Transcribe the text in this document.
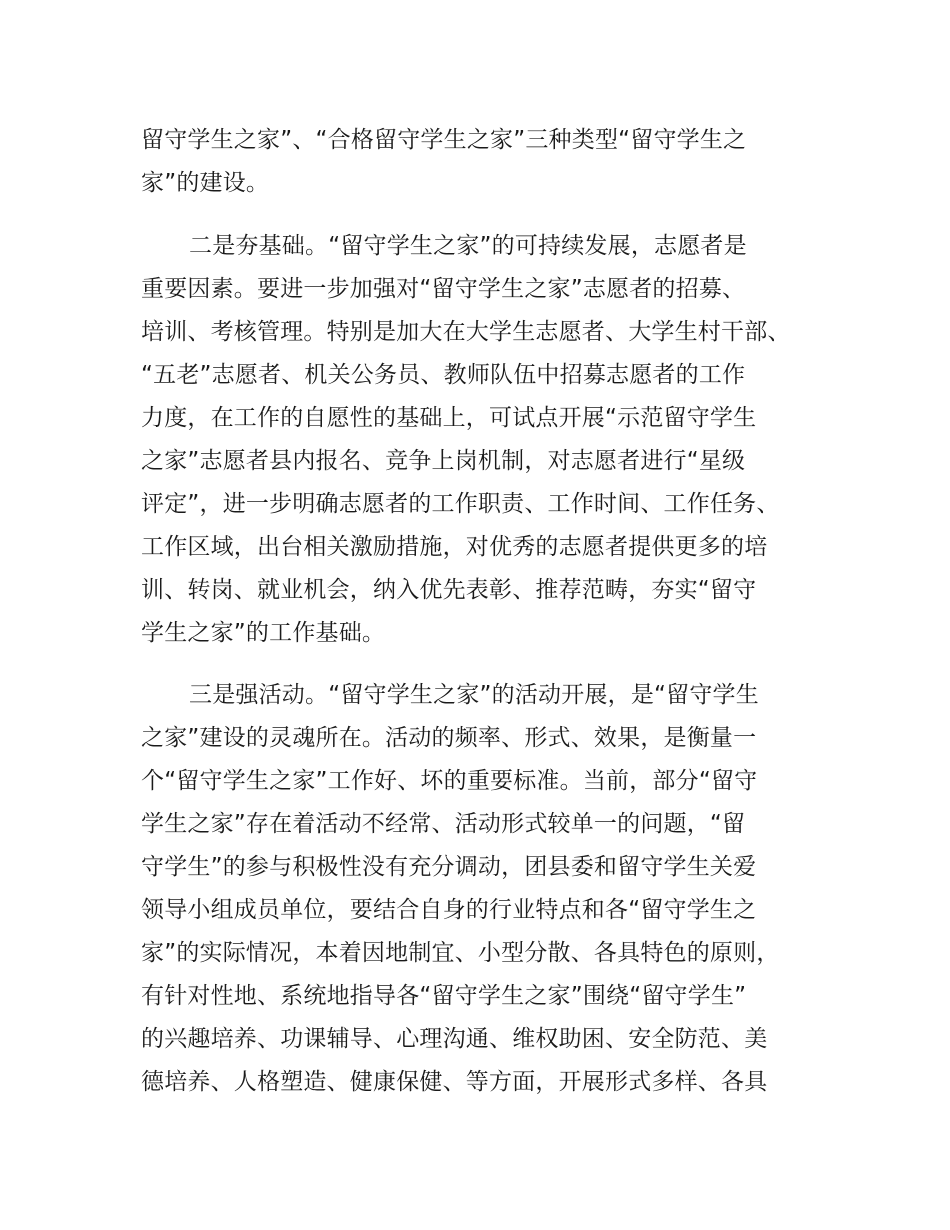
留守学生之家”、“合格留守学生之家”三种类型“留守学生之
家”的建设。
二是夯基础。“留守学生之家”的可持续发展，志愿者是
重要因素。要进一步加强对“留守学生之家”志愿者的招募、
培训、考核管理。特别是加大在大学生志愿者、大学生村干部、
“五老”志愿者、机关公务员、教师队伍中招募志愿者的工作
力度，在工作的自愿性的基础上，可试点开展“示范留守学生
之家”志愿者县内报名、竞争上岗机制，对志愿者进行“星级
评定”，进一步明确志愿者的工作职责、工作时间、工作任务、
工作区域，出台相关激励措施，对优秀的志愿者提供更多的培
训、转岗、就业机会，纳入优先表彰、推荐范畴，夯实“留守
学生之家”的工作基础。
三是强活动。“留守学生之家”的活动开展，是“留守学生
之家”建设的灵魂所在。活动的频率、形式、效果，是衡量一
个“留守学生之家”工作好、坏的重要标准。当前，部分“留守
学生之家”存在着活动不经常、活动形式较单一的问题，“留
守学生”的参与积极性没有充分调动，团县委和留守学生关爱
领导小组成员单位，要结合自身的行业特点和各“留守学生之
家”的实际情况，本着因地制宜、小型分散、各具特色的原则，
有针对性地、系统地指导各“留守学生之家”围绕“留守学生”
的兴趣培养、功课辅导、心理沟通、维权助困、安全防范、美
德培养、人格塑造、健康保健、等方面，开展形式多样、各具
